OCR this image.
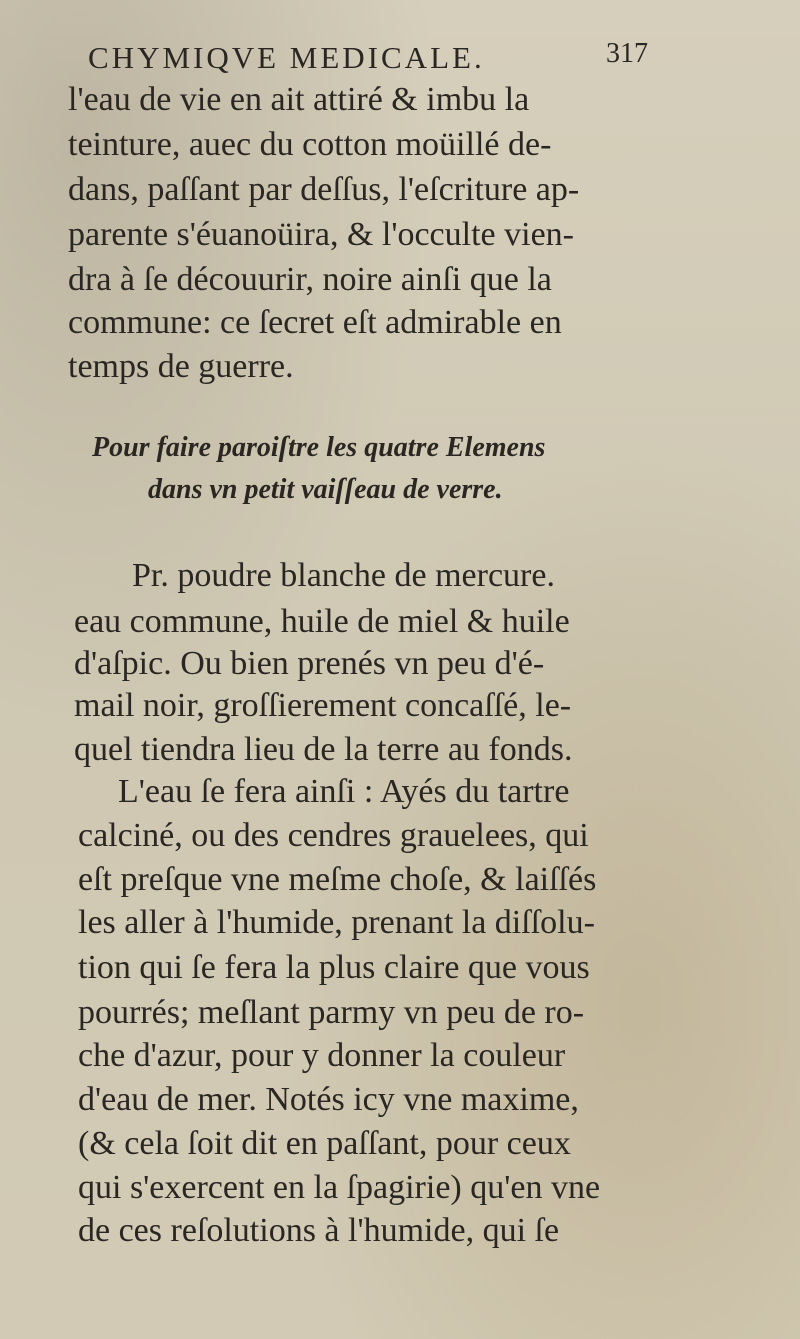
CHYMIQVE MEDICALE.	317
l'eau de vie en ait attiré & imbu la
teinture, auec du cotton moüillé de-
dans, paſſant par deſſus, l'eſcriture ap-
parente s'éuanoüira, & l'occulte vien-
dra à ſe découurir, noire ainſi que la
commune: ce ſecret eſt admirable en
temps de guerre.
Pour faire paroiſtre les quatre Elemens
dans vn petit vaiſſeau de verre.
Pr. poudre blanche de mercure.
eau commune, huile de miel & huile
d'aſpic. Ou bien prenés vn peu d'é-
mail noir, groſſierement concaſſé, le-
quel tiendra lieu de la terre au fonds.
L'eau ſe fera ainſi : Ayés du tartre
calciné, ou des cendres grauelees, qui
eſt preſque vne meſme choſe, & laiſſés
les aller à l'humide, prenant la diſſolu-
tion qui ſe fera la plus claire que vous
pourrés; meſlant parmy vn peu de ro-
che d'azur, pour y donner la couleur
d'eau de mer. Notés icy vne maxime,
(& cela ſoit dit en paſſant, pour ceux
qui s'exercent en la ſpagirie) qu'en vne
de ces reſolutions à l'humide, qui ſe
